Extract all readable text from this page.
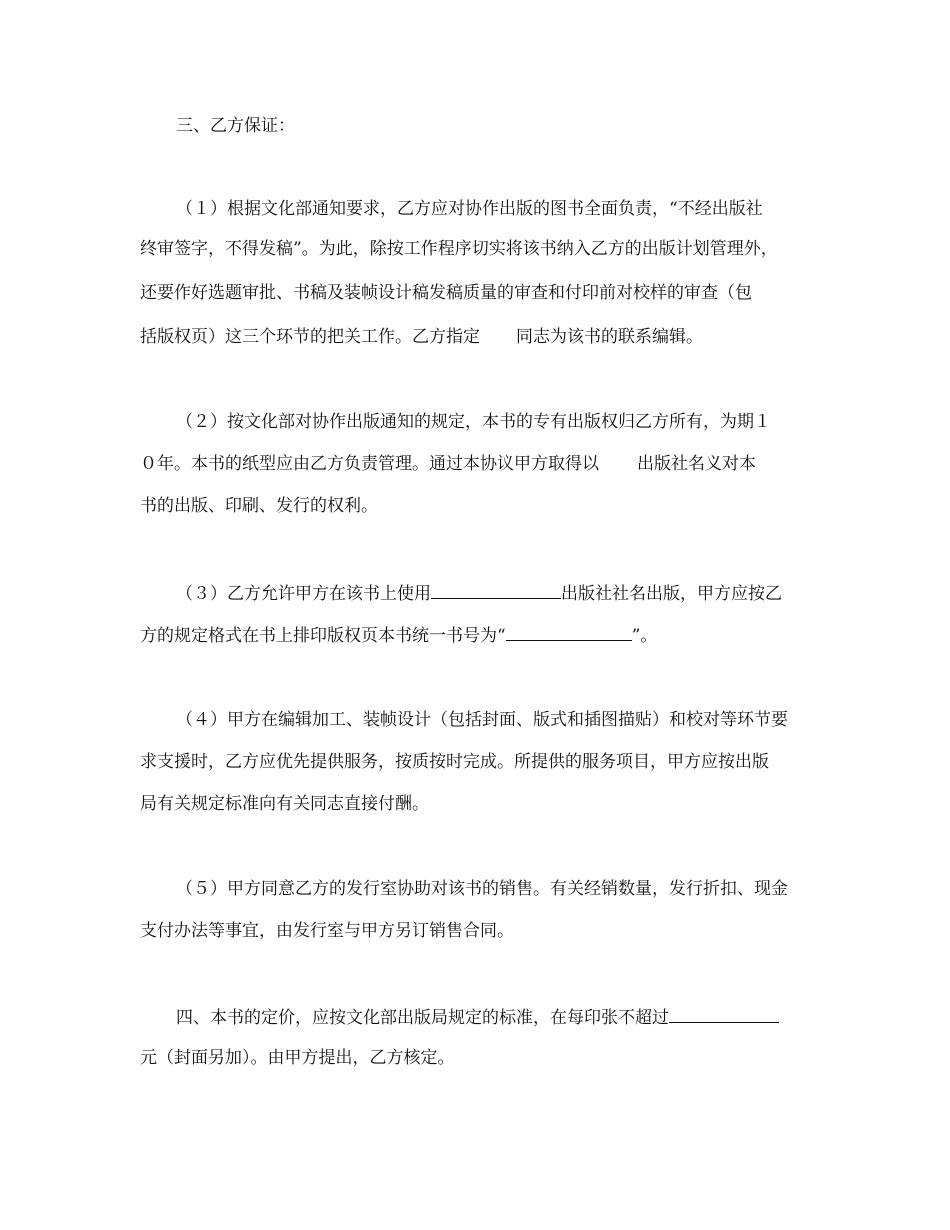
三、乙方保证：
（１）根据文化部通知要求，乙方应对协作出版的图书全面负责，“不经出版社
终审签字，不得发稿”。为此，除按工作程序切实将该书纳入乙方的出版计划管理外，
还要作好选题审批、书稿及装帧设计稿发稿质量的审查和付印前对校样的审查（包
括版权页）这三个环节的把关工作。乙方指定 同志为该书的联系编辑。
（２）按文化部对协作出版通知的规定，本书的专有出版权归乙方所有，为期１
０年。本书的纸型应由乙方负责管理。通过本协议甲方取得以 出版社名义对本
书的出版、印刷、发行的权利。
（３）乙方允许甲方在该书上使用	出版社社名出版，甲方应按乙
方的规定格式在书上排印版权页本书统一书号为“	”。
（４）甲方在编辑加工、装帧设计（包括封面、版式和插图描贴）和校对等环节要
求支援时，乙方应优先提供服务，按质按时完成。所提供的服务项目，甲方应按出版
局有关规定标准向有关同志直接付酬。
（５）甲方同意乙方的发行室协助对该书的销售。有关经销数量，发行折扣、现金
支付办法等事宜，由发行室与甲方另订销售合同。
四、本书的定价，应按文化部出版局规定的标准，在每印张不超过
元（封面另加）。由甲方提出，乙方核定。
